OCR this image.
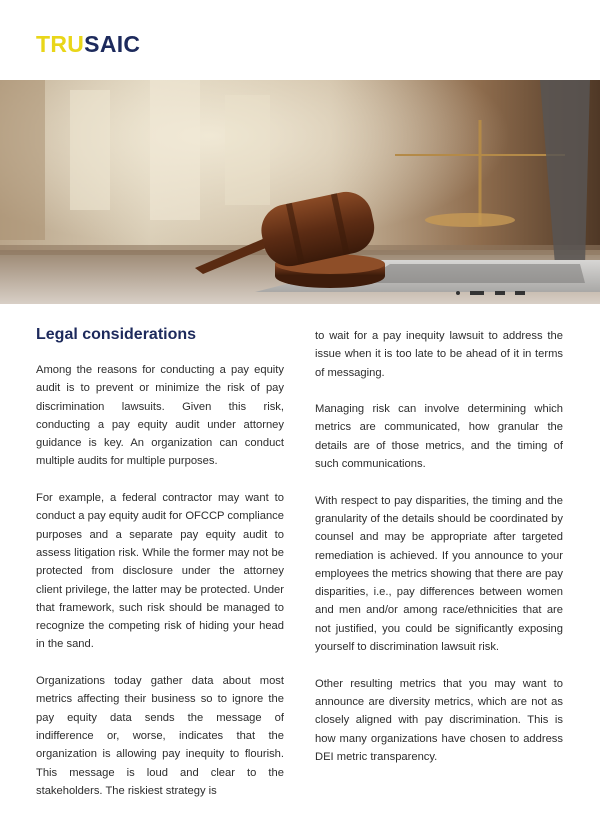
TRUSAIC
Legal considerations

Among the reasons for conducting a pay equity audit is to prevent or minimize the risk of pay discrimination lawsuits. Given this risk, conducting a pay equity audit under attorney guidance is key. An organization can conduct multiple audits for multiple purposes.

For example, a federal contractor may want to conduct a pay equity audit for OFCCP compliance purposes and a separate pay equity audit to assess litigation risk. While the former may not be protected from disclosure under the attorney client privilege, the latter may be protected. Under that framework, such risk should be managed to recognize the competing risk of hiding your head in the sand.

Organizations today gather data about most metrics affecting their business so to ignore the pay equity data sends the message of indifference or, worse, indicates that the organization is allowing pay inequity to flourish. This message is loud and clear to the stakeholders. The riskiest strategy is

to wait for a pay inequity lawsuit to address the issue when it is too late to be ahead of it in terms of messaging.

Managing risk can involve determining which metrics are communicated, how granular the details are of those metrics, and the timing of such communications.

With respect to pay disparities, the timing and the granularity of the details should be coordinated by counsel and may be appropriate after targeted remediation is achieved. If you announce to your employees the metrics showing that there are pay disparities, i.e., pay differences between women and men and/or among race/ethnicities that are not justified, you could be significantly exposing yourself to discrimination lawsuit risk.

Other resulting metrics that you may want to announce are diversity metrics, which are not as closely aligned with pay discrimination. This is how many organizations have chosen to address DEI metric transparency.
